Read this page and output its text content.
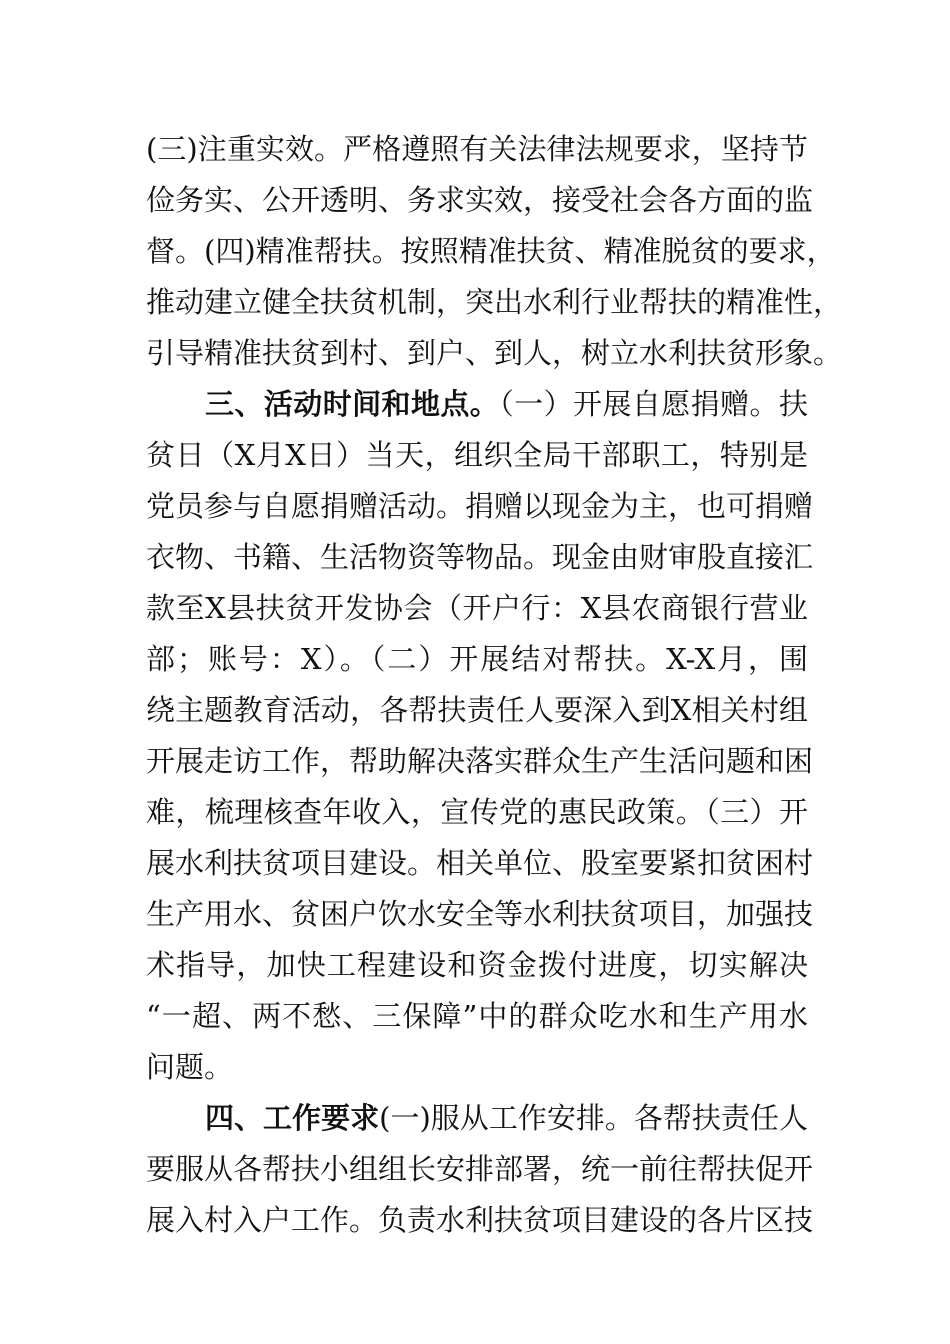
(三)注重实效。严格遵照有关法律法规要求，坚持节
俭务实、公开透明、务求实效，接受社会各方面的监
督。(四)精准帮扶。按照精准扶贫、精准脱贫的要求，
推动建立健全扶贫机制，突出水利行业帮扶的精准性，
引导精准扶贫到村、到户、到人，树立水利扶贫形象。
三、活动时间和地点。（一）开展自愿捐赠。扶
贫日（X月X日）当天，组织全局干部职工，特别是
党员参与自愿捐赠活动。捐赠以现金为主，也可捐赠
衣物、书籍、生活物资等物品。现金由财审股直接汇
款至X县扶贫开发协会（开户行：X县农商银行营业
部；账号：X）。（二）开展结对帮扶。X-X月，围
绕主题教育活动，各帮扶责任人要深入到X相关村组
开展走访工作，帮助解决落实群众生产生活问题和困
难，梳理核查年收入，宣传党的惠民政策。（三）开
展水利扶贫项目建设。相关单位、股室要紧扣贫困村
生产用水、贫困户饮水安全等水利扶贫项目，加强技
术指导，加快工程建设和资金拨付进度，切实解决
“一超、两不愁、三保障”中的群众吃水和生产用水
问题。
四、工作要求(一)服从工作安排。各帮扶责任人
要服从各帮扶小组组长安排部署，统一前往帮扶促开
展入村入户工作。负责水利扶贫项目建设的各片区技
